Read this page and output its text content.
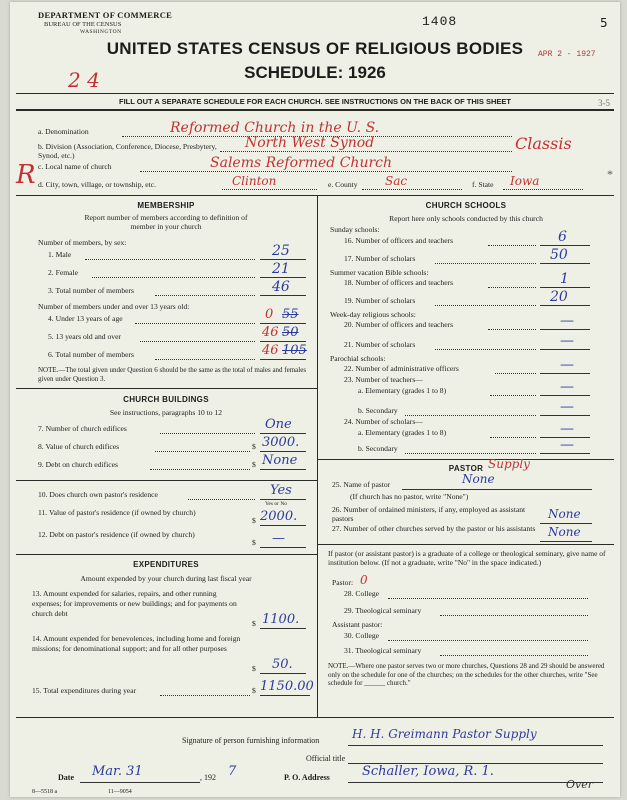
DEPARTMENT OF COMMERCE
BUREAU OF THE CENSUS
WASHINGTON
1408
APR 2 - 1927
UNITED STATES CENSUS OF RELIGIOUS BODIES
SCHEDULE: 1926
FILL OUT A SEPARATE SCHEDULE FOR EACH CHURCH. SEE INSTRUCTIONS ON THE BACK OF THIS SHEET
2 4
R
5
3-5
*
a. Denomination	Reformed Church in the U. S.
b. Division (Association, Conference, Diocese, Presbytery, Synod, etc.)
North West Synod	Classis
c. Local name of church	Salems Reformed Church
d. City, town, village, or township, etc.	Clinton	e. County Sac	f. State Iowa
MEMBERSHIP
Report number of members according to definition of
member in your church
Number of members, by sex:
1. Male	25
2. Female	21
3. Total number of members	46
Number of members under and over 13 years old:
4. Under 13 years of age	0 55
5. 13 years old and over	46 50
6. Total number of members	46 105
NOTE.—The total given under Question 6 should be the same as the total of males and females given under Question 3.
CHURCH BUILDINGS
See instructions, paragraphs 10 to 12
7. Number of church edifices	One
8. Value of church edifices	$ 3000.
9. Debt on church edifices	$ None
10. Does church own pastor's residence	Yes
Yes or No
11. Value of pastor's residence (if owned by church)
$ 2000.
12. Debt on pastor's residence (if owned by church)
$ —
EXPENDITURES
Amount expended by your church during last fiscal year
13. Amount expended for salaries, repairs, and other running expenses; for improvements or new buildings; and for payments on church debt
$ 1100.
14. Amount expended for benevolences, including home and foreign missions; for denominational support; and for all other purposes
$ 50.
15. Total expenditures during year	$ 1150.00
CHURCH SCHOOLS
Report here only schools conducted by this church
Sunday schools:
16. Number of officers and teachers	6
17. Number of scholars	50
Summer vacation Bible schools:
18. Number of officers and teachers	1
19. Number of scholars	20
Week-day religious schools:
20. Number of officers and teachers	—
21. Number of scholars	—
Parochial schools:
22. Number of administrative officers	—
23. Number of teachers—
a. Elementary (grades 1 to 8)	—
b. Secondary	—
24. Number of scholars—
a. Elementary (grades 1 to 8)	—
b. Secondary	—
PASTOR Supply
25. Name of pastor	None
(If church has no pastor, write "None")
26. Number of ordained ministers, if any, employed as assistant pastors	None
27. Number of other churches served by the pastor or his assistants	None
If pastor (or assistant pastor) is a graduate of a college or theological seminary, give name of institution below. (If not a graduate, write "No" in the space indicated.)
Pastor: 0
28. College
29. Theological seminary
Assistant pastor:
30. College
31. Theological seminary
NOTE.—Where one pastor serves two or more churches, Questions 28 and 29 should be answered only on the schedule for one of the churches; on the schedules for the other churches, write "See schedule for ______ church."
Signature of person furnishing information	H. H. Greimann Pastor Supply
Official title
Date Mar. 31	, 192 7	P. O. Address Schaller, Iowa, R. 1.
8—5518 a	11—9054
Over
